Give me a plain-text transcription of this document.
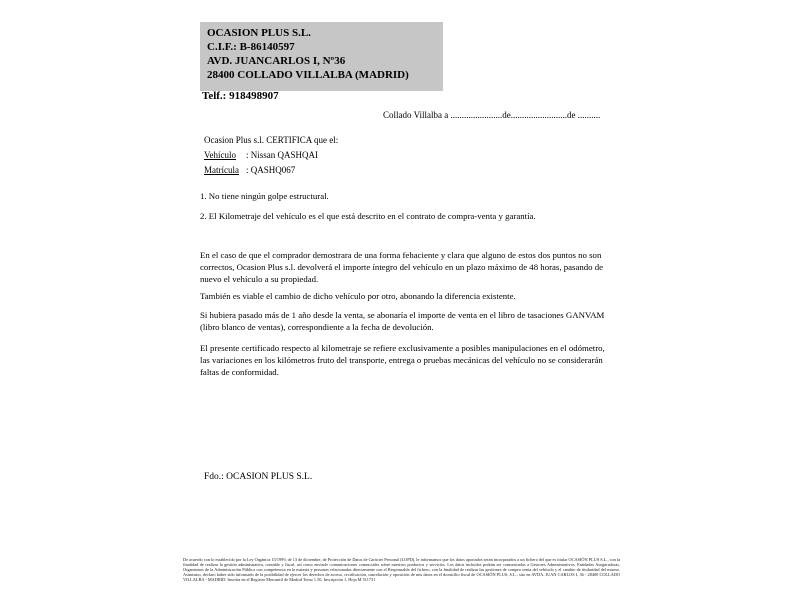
OCASION PLUS S.L.
C.I.F.: B-86140597
AVD. JUANCARLOS I, Nº36
28400 COLLADO VILLALBA (MADRID)
Telf.: 918498907
Collado Villalba a .......................de.........................de ..........
Ocasion Plus s.l. CERTIFICA que el:
Vehículo : Nissan QASHQAI
Matrícula : QASHQ067
1. No tiene ningún golpe estructural.
2. El Kilometraje del vehículo es el que está descrito en el contrato de compra-venta y garantía.
En el caso de que el comprador demostrara de una forma fehaciente y clara que alguno de estos dos puntos no son correctos, Ocasion Plus s.l. devolverá el importe íntegro del vehículo en un plazo máximo de 48 horas, pasando de nuevo el vehículo a su propiedad.
También es viable el cambio de dicho vehículo por otro, abonando la diferencia existente.
Si hubiera pasado más de 1 año desde la venta, se abonaría el importe de venta en el libro de tasaciones GANVAM (libro blanco de ventas), correspondiente a la fecha de devolución.
El presente certificado respecto al kilometraje se refiere exclusivamente a posibles manipulaciones en el odómetro, las variaciones en los kilómetros fruto del transporte, entrega o pruebas mecánicas del vehículo no se considerarán faltas de conformidad.
Fdo.: OCASION PLUS S.L.
De acuerdo con lo establecido por la Ley Orgánica 15/1999, de 13 de diciembre, de Protección de Datos de Carácter Personal (LOPD), le informamos que los datos aportados serán incorporados a un fichero del que es titular OCASIÓN PLUS S.L., con la finalidad de realizar la gestión administrativa, contable y fiscal, así como enviarle comunicaciones comerciales sobre nuestros productos y servicios. Los datos incluidos podrán ser comunicados a Gestores Administrativos, Entidades Aseguradoras, Organismos de la Administración Pública con competencia en la materia y personas relacionadas directamente con el Responsable del fichero, con la finalidad de realizar las gestiones de compra venta del vehículo y el cambio de titularidad del mismo. Asimismo, declaro haber sido informado de la posibilidad de ejercer los derechos de acceso, rectificación, cancelación y oposición de mis datos en el domicilio fiscal de OCASIÓN PLUS, S.L., sito en AVDA. JUAN CARLOS I, 36 - 28400 COLLADO VILLALBA - MADRID. Inscrita en el Registro Mercantil de Madrid Tomo 1.50, Inscripción 1, Hoja M 511731
